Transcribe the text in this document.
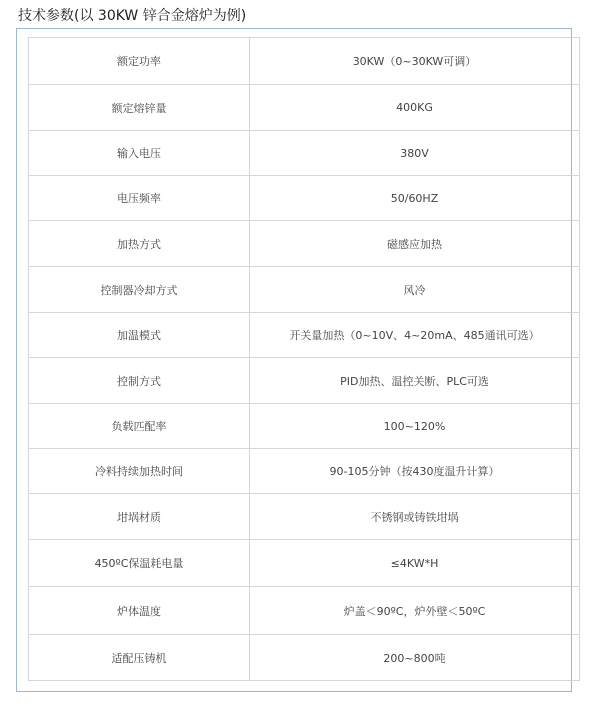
技术参数(以 30KW 锌合金熔炉为例)
额定功率	30KW（0~30KW可调）
额定熔锌量	400KG
输入电压	380V
电压频率	50/60HZ
加热方式	磁感应加热
控制器冷却方式	风冷
加温模式	开关量加热（0~10V、4~20mA、485通讯可选）
控制方式	PID加热、温控关断、PLC可选
负载匹配率	100~120%
冷料持续加热时间	90-105分钟（按430度温升计算）
坩埚材质	不锈钢或铸铁坩埚
450ºC保温耗电量	≤4KW*H
炉体温度	炉盖＜90ºC，炉外壁＜50ºC
适配压铸机	200~800吨
